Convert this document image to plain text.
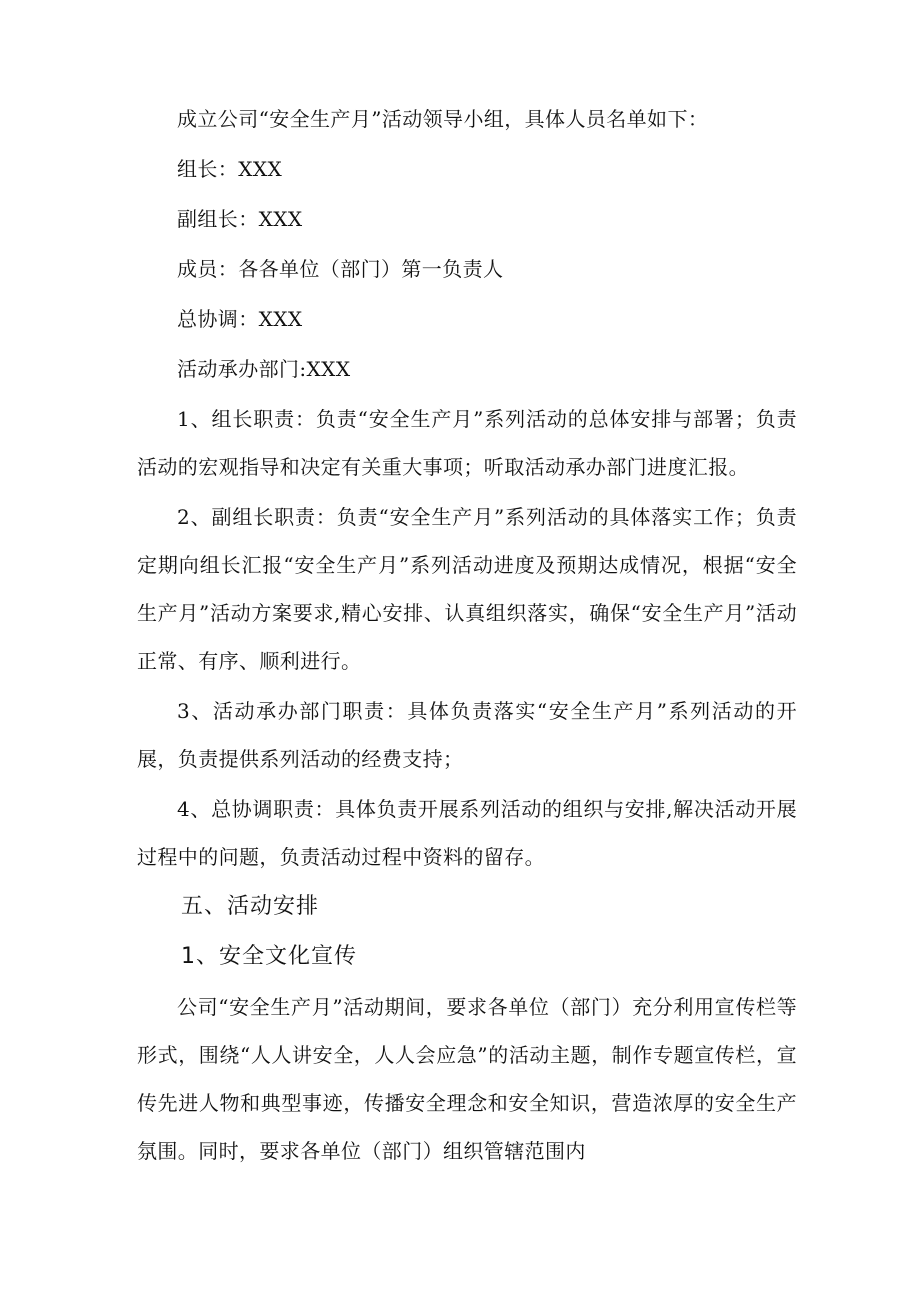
成立公司“安全生产月”活动领导小组，具体人员名单如下：

组长：XXX

副组长：XXX

成员：各各单位（部门）第一负责人

总协调：XXX

活动承办部门:XXX

1、组长职责：负责“安全生产月”系列活动的总体安排与部署；负责活动的宏观指导和决定有关重大事项；听取活动承办部门进度汇报。

2、副组长职责：负责“安全生产月”系列活动的具体落实工作；负责定期向组长汇报“安全生产月”系列活动进度及预期达成情况，根据“安全生产月”活动方案要求,精心安排、认真组织落实，确保“安全生产月”活动正常、有序、顺利进行。

3、活动承办部门职责：具体负责落实“安全生产月”系列活动的开展，负责提供系列活动的经费支持；

4、总协调职责：具体负责开展系列活动的组织与安排,解决活动开展过程中的问题，负责活动过程中资料的留存。

五、活动安排
1、安全文化宣传

公司“安全生产月”活动期间，要求各单位（部门）充分利用宣传栏等形式，围绕“人人讲安全，人人会应急”的活动主题，制作专题宣传栏，宣传先进人物和典型事迹，传播安全理念和安全知识，营造浓厚的安全生产氛围。同时，要求各单位（部门）组织管辖范围内
